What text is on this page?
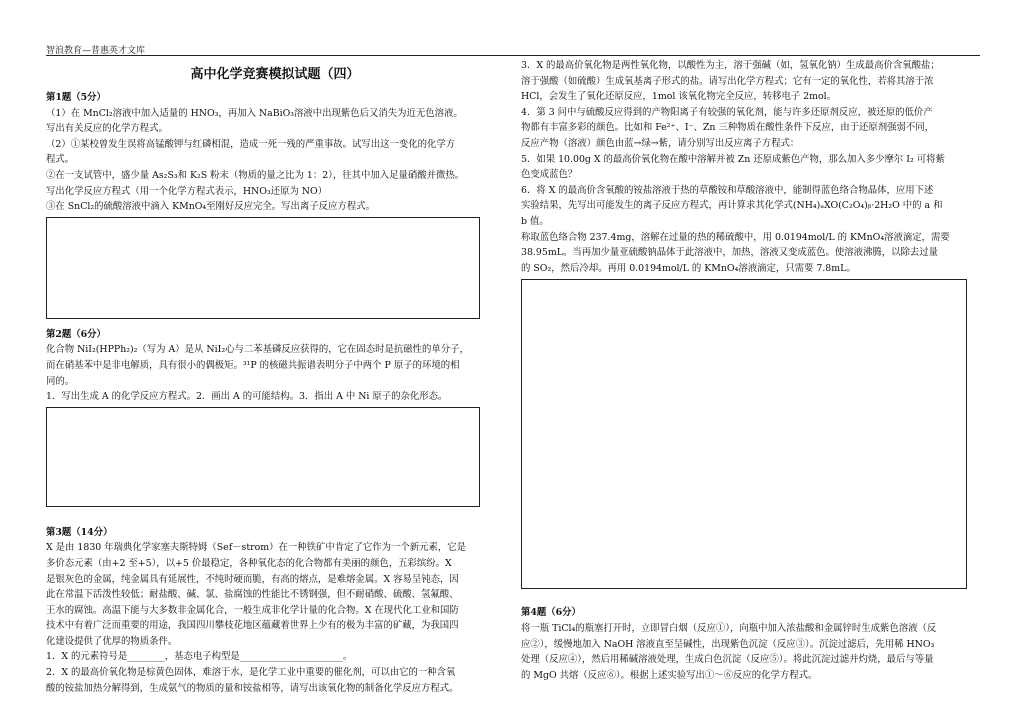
智浪教育—普惠英才文库
高中化学竞赛模拟试题（四）
第1题（5分）

（1）在 MnCl₂溶液中加入适量的 HNO₃，再加入 NaBiO₃溶液中出现紫色后又消失为近无色溶液。

写出有关反应的化学方程式。

（2）①某校曾发生误将高锰酸钾与红磷相混，造成一死一残的严重事故。试写出这一变化的化学方

程式。

②在一支试管中，盛少量 As₂S₃和 K₂S 粉末（物质的量之比为 1：2），往其中加入足量硝酸并微热。

写出化学反应方程式（用一个化学方程式表示，HNO₃还原为 NO）

③在 SnCl₂的硫酸溶液中滴入 KMnO₄至刚好反应完全。写出离子反应方程式。

第2题（6分）

化合物 NiI₂(HPPh₂)₂（写为 A）是从 NiI₂心与二苯基磷反应获得的，它在固态时是抗磁性的单分子，

而在硝基苯中是非电解质，具有很小的偶极矩。³¹P 的核磁共振谱表明分子中两个 P 原子的环境的相

同的。

1．写出生成 A 的化学反应方程式。2．画出 A 的可能结构。3．指出 A 中 Ni 原子的杂化形态。

第3题（14分）

X 是由 1830 年瑞典化学家塞夫斯特姆（Sef－strom）在一种铁矿中肯定了它作为一个新元素，它是

多价态元素（由+2 至+5），以+5 价最稳定，各种氧化态的化合物都有美丽的颜色，五彩缤纷。X

是银灰色的金属，纯金属具有延展性，不纯时硬而脆，有高的熔点，是难熔金属。X 容易呈钝态，因

此在常温下活泼性较低；耐盐酸、碱、氯、盐腐蚀的性能比不锈钢强，但不耐硝酸、硫酸、氢氟酸、

王水的腐蚀。高温下能与大多数非金属化合，一般生成非化学计量的化合物。X 在现代化工业和国防

技术中有着广泛而重要的用途，我国四川攀枝花地区蕴藏着世界上少有的极为丰富的矿藏，为我国四

化建设提供了优厚的物质条件。

1．X 的元素符号是________，基态电子构型是______________________。

2．X 的最高价氧化物是棕黄色固体，难溶于水，是化学工业中重要的催化剂，可以由它的一种含氧

酸的铵盐加热分解得到，生成氨气的物质的量和铵盐相等，请写出该氧化物的制备化学反应方程式。

3．X 的最高价氧化物是两性氧化物，以酸性为主，溶于强碱（如，氢氧化钠）生成最高价含氧酸盐；

溶于强酸（如硫酸）生成氧基离子形式的盐。请写出化学方程式；它有一定的氧化性，若将其溶于浓

HCl，会发生了氧化还原反应，1mol 该氧化物完全反应，转移电子 2mol。

4．第 3 问中与硫酸反应得到的产物阳离子有较强的氧化剂，能与许多还原剂反应，被还原的低价产

物都有丰富多彩的颜色。比如和 Fe²⁺、I⁻、Zn 三种物质在酸性条件下反应，由于还原剂强弱不同，

反应产物（溶液）颜色由蓝→绿→紫，请分别写出反应离子方程式：

5．如果 10.00g X 的最高价氧化物在酸中溶解并被 Zn 还原成紫色产物，那么加入多少摩尔 I₂ 可将紫

色变成蓝色？

6．将 X 的最高价含氧酸的铵盐溶液于热的草酸铵和草酸溶液中，能制得蓝色络合物晶体，应用下述

实验结果，先写出可能发生的离子反应方程式，再计算求其化学式(NH₄)ₐXO(C₂O₄)ᵦ·2H₂O 中的 a 和

b 值。

称取蓝色络合物 237.4mg，溶解在过量的热的稀硫酸中，用 0.0194mol/L 的 KMnO₄溶液滴定，需要

38.95mL。当再加少量亚硫酸钠晶体于此溶液中，加热，溶液又变成蓝色。使溶液沸腾，以除去过量

的 SO₂，然后冷却。再用 0.0194mol/L 的 KMnO₄溶液滴定，只需要 7.8mL。

第4题（6分）

将一瓶 TiCl₄的瓶塞打开时，立即冒白烟（反应①），向瓶中加入浓盐酸和金属锌时生成紫色溶液（反

应②），缓慢地加入 NaOH 溶液直至呈碱性，出现紫色沉淀（反应③）。沉淀过滤后，先用稀 HNO₃

处理（反应④），然后用稀碱溶液处理，生成白色沉淀（反应⑤）。将此沉淀过滤并灼烧，最后与等量

的 MgO 共熔（反应⑥）。根据上述实验写出①～⑥反应的化学方程式。
